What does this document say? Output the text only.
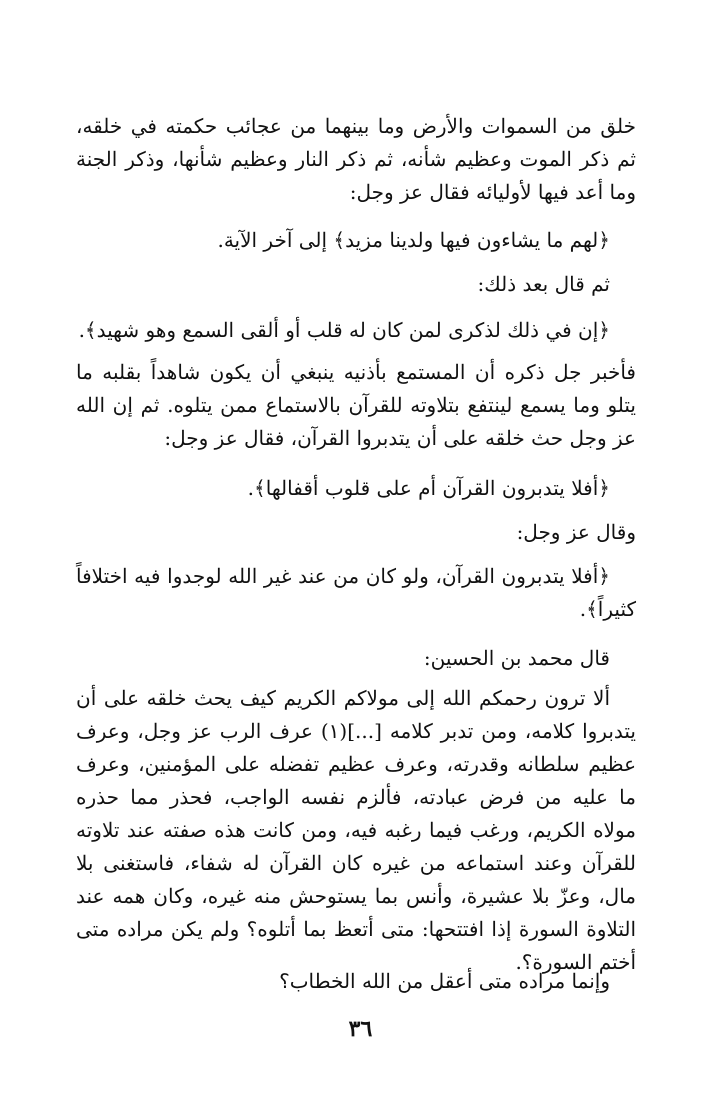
خلق من السموات والأرض وما بينهما من عجائب حكمته في خلقه، ثم ذكر الموت وعظيم شأنه، ثم ذكر النار وعظيم شأنها، وذكر الجنة وما أعد فيها لأوليائه فقال عز وجل:

﴿لهم ما يشاءون فيها ولدينا مزيد﴾ إلى آخر الآية.

ثم قال بعد ذلك:

﴿إن في ذلك لذكرى لمن كان له قلب أو ألقى السمع وهو شهيد﴾.

فأخبر جل ذكره أن المستمع بأذنيه ينبغي أن يكون شاهداً بقلبه ما يتلو وما يسمع لينتفع بتلاوته للقرآن بالاستماع ممن يتلوه. ثم إن الله عز وجل حث خلقه على أن يتدبروا القرآن، فقال عز وجل:

﴿أفلا يتدبرون القرآن أم على قلوب أقفالها﴾.

وقال عز وجل:

﴿أفلا يتدبرون القرآن، ولو كان من عند غير الله لوجدوا فيه اختلافاً كثيراً﴾.

قال محمد بن الحسين:

ألا ترون رحمكم الله إلى مولاكم الكريم كيف يحث خلقه على أن يتدبروا كلامه، ومن تدبر كلامه [...](١) عرف الرب عز وجل، وعرف عظيم سلطانه وقدرته، وعرف عظيم تفضله على المؤمنين، وعرف ما عليه من فرض عبادته، فألزم نفسه الواجب، فحذر مما حذره مولاه الكريم، ورغب فيما رغبه فيه، ومن كانت هذه صفته عند تلاوته للقرآن وعند استماعه من غيره كان القرآن له شفاء، فاستغنى بلا مال، وعزّ بلا عشيرة، وأنس بما يستوحش منه غيره، وكان همه عند التلاوة السورة إذا افتتحها: متى أتعظ بما أتلوه؟ ولم يكن مراده متى أختم السورة؟.

وإنما مراده متى أعقل من الله الخطاب؟

٣٦
